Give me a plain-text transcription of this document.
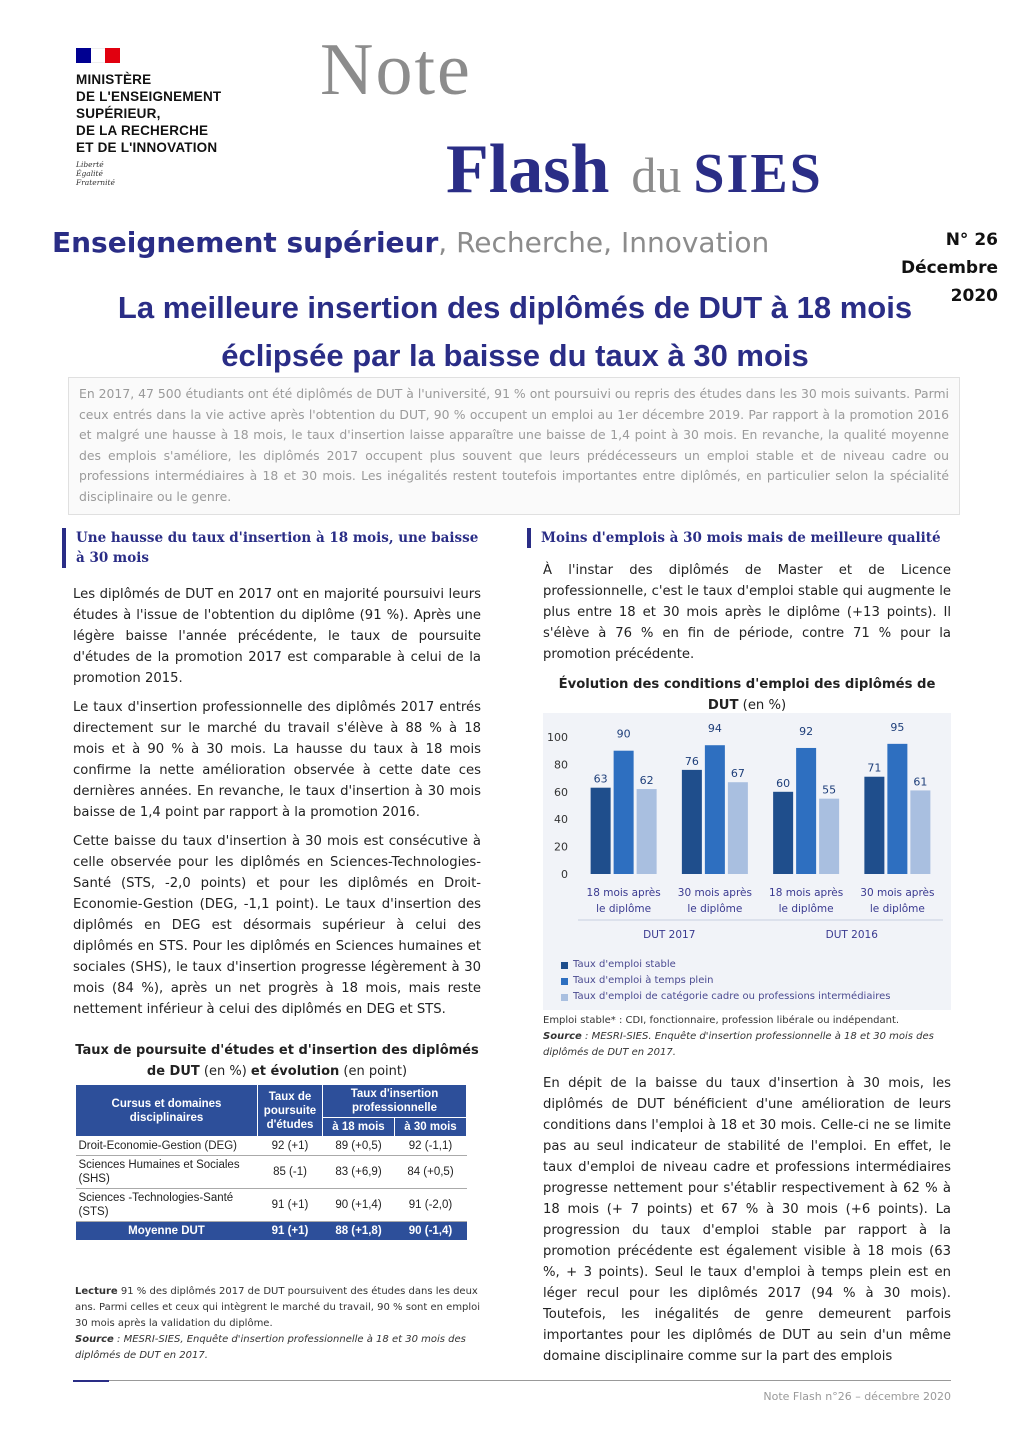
MINISTÈRE
DE L'ENSEIGNEMENT
SUPÉRIEUR,
DE LA RECHERCHE
ET DE L'INNOVATION
Liberté
Égalité
Fraternité
Note
Flash du SIES
Enseignement supérieur, Recherche, Innovation	N° 26
Décembre 2020
La meilleure insertion des diplômés de DUT à 18 mois éclipsée par la baisse du taux à 30 mois
En 2017, 47 500 étudiants ont été diplômés de DUT à l'université, 91 % ont poursuivi ou repris des études dans les 30 mois suivants. Parmi ceux entrés dans la vie active après l'obtention du DUT, 90 % occupent un emploi au 1er décembre 2019. Par rapport à la promotion 2016 et malgré une hausse à 18 mois, le taux d'insertion laisse apparaître une baisse de 1,4 point à 30 mois. En revanche, la qualité moyenne des emplois s'améliore, les diplômés 2017 occupent plus souvent que leurs prédécesseurs un emploi stable et de niveau cadre ou professions intermédiaires à 18 et 30 mois. Les inégalités restent toutefois importantes entre diplômés, en particulier selon la spécialité disciplinaire ou le genre.
Une hausse du taux d'insertion à 18 mois, une baisse à 30 mois

Les diplômés de DUT en 2017 ont en majorité poursuivi leurs études à l'issue de l'obtention du diplôme (91 %). Après une légère baisse l'année précédente, le taux de poursuite d'études de la promotion 2017 est comparable à celui de la promotion 2015.

Le taux d'insertion professionnelle des diplômés 2017 entrés directement sur le marché du travail s'élève à 88 % à 18 mois et à 90 % à 30 mois. La hausse du taux à 18 mois confirme la nette amélioration observée à cette date ces dernières années. En revanche, le taux d'insertion à 30 mois baisse de 1,4 point par rapport à la promotion 2016.

Cette baisse du taux d'insertion à 30 mois est consécutive à celle observée pour les diplômés en Sciences-Technologies-Santé (STS, -2,0 points) et pour les diplômés en Droit-Economie-Gestion (DEG, -1,1 point). Le taux d'insertion des diplômés en DEG est désormais supérieur à celui des diplômés en STS. Pour les diplômés en Sciences humaines et sociales (SHS), le taux d'insertion progresse légèrement à 30 mois (84 %), après un net progrès à 18 mois, mais reste nettement inférieur à celui des diplômés en DEG et STS.

Taux de poursuite d'études et d'insertion des diplômés de DUT (en %) et évolution (en point)
Cursus et domaines disciplinaires	Taux de poursuite d'études	Taux d'insertion professionnelle	
		à 18 mois	à 30 mois
Droit-Economie-Gestion (DEG)	92 (+1)	89 (+0,5)	92 (-1,1)
Sciences Humaines et Sociales (SHS)	85 (-1)	83 (+6,9)	84 (+0,5)
Sciences -Technologies-Santé (STS)	91 (+1)	90 (+1,4)	91 (-2,0)
Moyenne DUT	91 (+1)	88 (+1,8)	90 (-1,4)
Lecture 91 % des diplômés 2017 de DUT poursuivent des études dans les deux ans. Parmi celles et ceux qui intègrent le marché du travail, 90 % sont en emploi 30 mois après la validation du diplôme.
Source : MESRI-SIES, Enquête d'insertion professionnelle à 18 et 30 mois des diplômés de DUT en 2017.
Moins d'emplois à 30 mois mais de meilleure qualité

À l'instar des diplômés de Master et de Licence professionnelle, c'est le taux d'emploi stable qui augmente le plus entre 18 et 30 mois après le diplôme (+13 points). Il s'élève à 76 % en fin de période, contre 71 % pour la promotion précédente.

Évolution des conditions d'emploi des diplômés de DUT (en %)
100
80
60
40
20
0
63
90
62
18 mois après
le diplôme
76
94
67
30 mois après
le diplôme
60
92
55
18 mois après
le diplôme
71
95
61
30 mois après
le diplôme
DUT 2017	DUT 2016
Taux d'emploi stable
Taux d'emploi à temps plein
Taux d'emploi de catégorie cadre ou professions intermédiaires
Emploi stable* : CDI, fonctionnaire, profession libérale ou indépendant.
Source : MESRI-SIES. Enquête d'insertion professionnelle à 18 et 30 mois des diplômés de DUT en 2017.

En dépit de la baisse du taux d'insertion à 30 mois, les diplômés de DUT bénéficient d'une amélioration de leurs conditions dans l'emploi à 18 et 30 mois. Celle-ci ne se limite pas au seul indicateur de stabilité de l'emploi. En effet, le taux d'emploi de niveau cadre et professions intermédiaires progresse nettement pour s'établir respectivement à 62 % à 18 mois (+ 7 points) et 67 % à 30 mois (+6 points). La progression du taux d'emploi stable par rapport à la promotion précédente est également visible à 18 mois (63 %, + 3 points). Seul le taux d'emploi à temps plein est en léger recul pour les diplômés 2017 (94 % à 30 mois). Toutefois, les inégalités de genre demeurent parfois importantes pour les diplômés de DUT au sein d'un même domaine disciplinaire comme sur la part des emplois

Note Flash n°26 – décembre 2020
